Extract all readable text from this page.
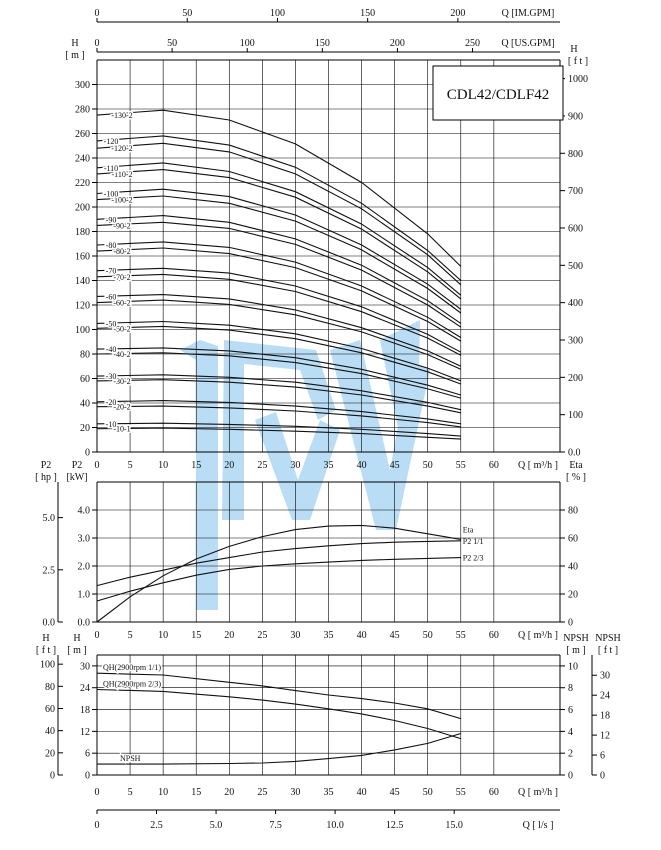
0	5	10 15 20 25 30 35 40 45 50 55 60
0
20
40
60
80
100
120
140
160
180
200
220
240
260
280
300
H
[ m ]
0.0
100
200
300
400
500
600
700
800
900
1000
H
[ f t ]
Q [ m³/h ]
0	50	100	150	200	Q [IM.GPM]
0	50	100	150	200	250 Q [US.GPM]
-10-1
-10
-20-2
-20
-30-2
-30
-40-2
-40
-50-2
-50
-60-2
-60
-70-2
-70
-80-2
-80
-90-2
-90
-100-2
-100
-110-2
-110
-120-2
-120
-130-2
0	5	10 15 20 25 30 35 40 45 50 55 60
0.0
1.0
2.0
3.0
4.0
0.0
2.5
5.0
P2
[ hp ]
P2
[kW]
0
20
40
60
80
Eta
[ % ]
Q [ m³/h ]
Eta
P2 1/1
P2 2/3
0	5	10 15 20 25 30 35 40 45 50 55 60
0
6
12
18
24
30
0
20
40
60
80
100
H
[ f t ]
H
[ m ]
0
2
4
6
8
10
0
6
12
18
24
30
NPSH
[ m ]
NPSH
[ f t ]
Q [ m³/h ]
QH(2900rpm 1/1)
QH(2900rpm 2/3)
NPSH
0	2.5	5.0	7.5	10.0	12.5	15.0	Q [ l/s ]
CDL42/CDLF42
